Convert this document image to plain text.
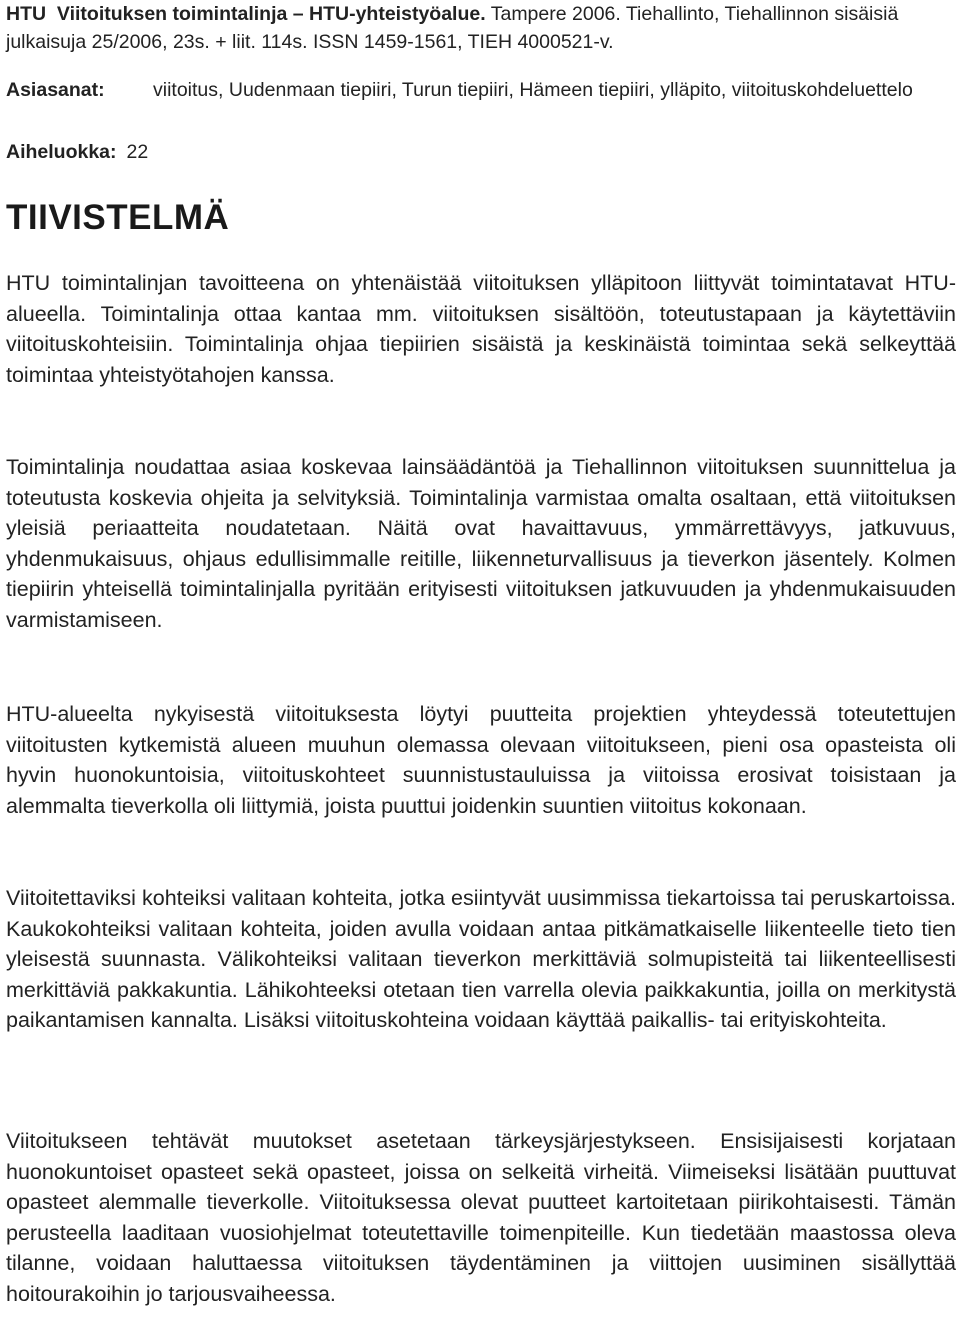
HTU Viitoituksen toimintalinja – HTU-yhteistyöalue. Tampere 2006. Tiehallinto, Tiehallinnon sisäisiä julkaisuja 25/2006, 23s. + liit. 114s. ISSN 1459-1561, TIEH 4000521-v.
Asiasanat: viitoitus, Uudenmaan tiepiiri, Turun tiepiiri, Hämeen tiepiiri, ylläpito, viitoituskohdeluettelo
Aiheluokka: 22
TIIVISTELMÄ

HTU toimintalinjan tavoitteena on yhtenäistää viitoituksen ylläpitoon liittyvät toimintatavat HTU-alueella. Toimintalinja ottaa kantaa mm. viitoituksen sisältöön, toteutustapaan ja käytettäviin viitoituskohteisiin. Toimintalinja ohjaa tiepiirien sisäistä ja keskinäistä toimintaa sekä selkeyttää toimintaa yhteistyötahojen kanssa.

Toimintalinja noudattaa asiaa koskevaa lainsäädäntöä ja Tiehallinnon viitoituksen suunnittelua ja toteutusta koskevia ohjeita ja selvityksiä. Toimintalinja varmistaa omalta osaltaan, että viitoituksen yleisiä periaatteita noudatetaan. Näitä ovat havaittavuus, ymmärrettävyys, jatkuvuus, yhdenmukaisuus, ohjaus edullisimmalle reitille, liikenneturvallisuus ja tieverkon jäsentely. Kolmen tiepiirin yhteisellä toimintalinjalla pyritään erityisesti viitoituksen jatkuvuuden ja yhdenmukaisuuden varmistamiseen.

HTU-alueelta nykyisestä viitoituksesta löytyi puutteita projektien yhteydessä toteutettujen viitoitusten kytkemistä alueen muuhun olemassa olevaan viitoitukseen, pieni osa opasteista oli hyvin huonokuntoisia, viitoituskohteet suunnistustauluissa ja viitoissa erosivat toisistaan ja alemmalta tieverkolla oli liittymiä, joista puuttui joidenkin suuntien viitoitus kokonaan.

Viitoitettaviksi kohteiksi valitaan kohteita, jotka esiintyvät uusimmissa tiekartoissa tai peruskartoissa. Kaukokohteiksi valitaan kohteita, joiden avulla voidaan antaa pitkämatkaiselle liikenteelle tieto tien yleisestä suunnasta. Välikohteiksi valitaan tieverkon merkittäviä solmupisteitä tai liikenteellisesti merkittäviä pakkakuntia. Lähikohteeksi otetaan tien varrella olevia paikkakuntia, joilla on merkitystä paikantamisen kannalta. Lisäksi viitoituskohteina voidaan käyttää paikallis- tai erityiskohteita.

Viitoitukseen tehtävät muutokset asetetaan tärkeysjärjestykseen. Ensisijaisesti korjataan huonokuntoiset opasteet sekä opasteet, joissa on selkeitä virheitä. Viimeiseksi lisätään puuttuvat opasteet alemmalle tieverkolle. Viitoituksessa olevat puutteet kartoitetaan piirikohtaisesti. Tämän perusteella laaditaan vuosiohjelmat toteutettaville toimenpiteille. Kun tiedetään maastossa oleva tilanne, voidaan haluttaessa viitoituksen täydentäminen ja viittojen uusiminen sisällyttää hoitourakoihin jo tarjousvaiheessa.
